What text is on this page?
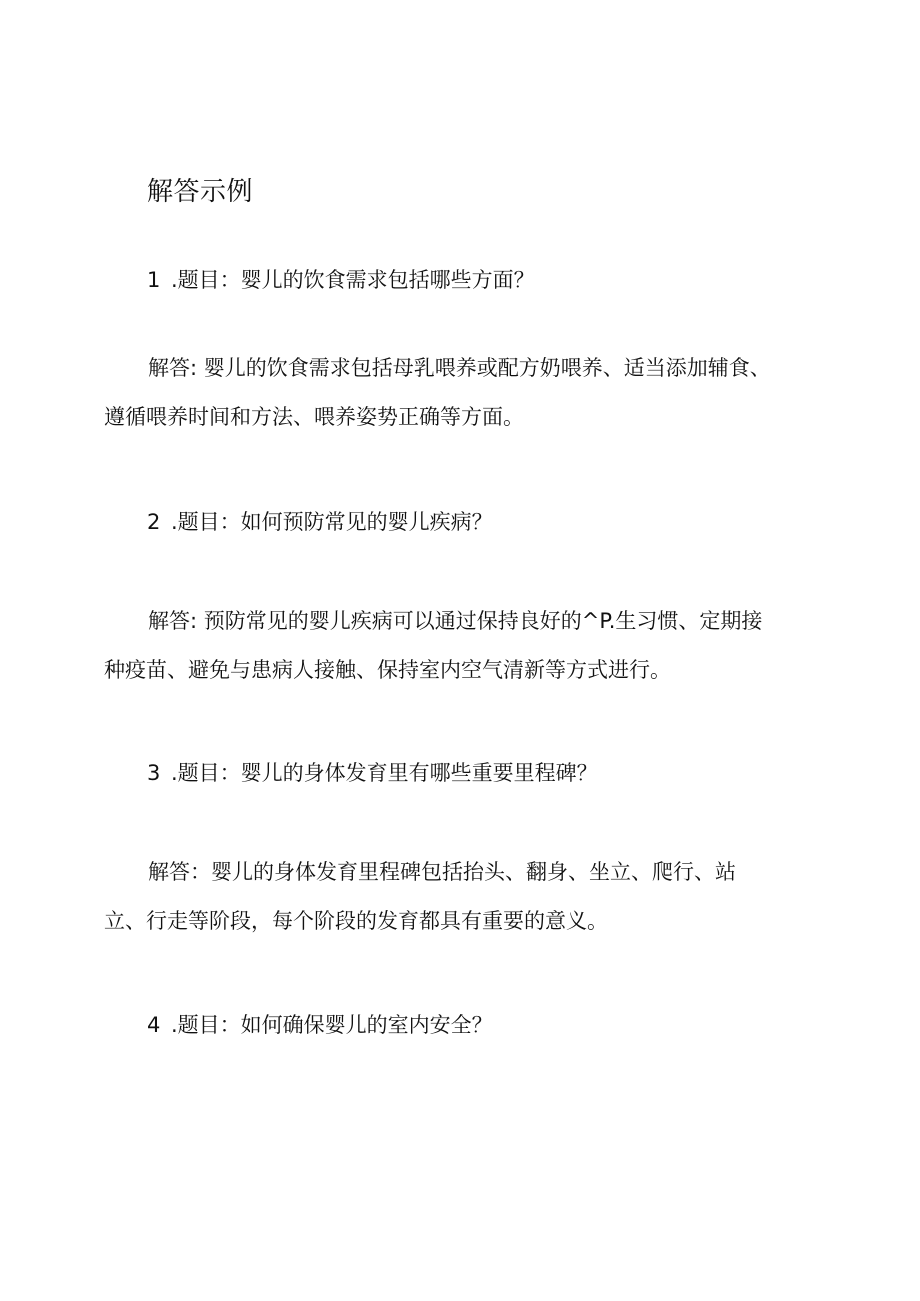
解答示例
1 .题目：婴儿的饮食需求包括哪些方面？
解答: 婴儿的饮食需求包括母乳喂养或配方奶喂养、适当添加辅食、
遵循喂养时间和方法、喂养姿势正确等方面。
2 .题目：如何预防常见的婴儿疾病？
解答: 预防常见的婴儿疾病可以通过保持良好的^P.生习惯、定期接
种疫苗、避免与患病人接触、保持室内空气清新等方式进行。
3 .题目：婴儿的身体发育里有哪些重要里程碑？
解答：婴儿的身体发育里程碑包括抬头、翻身、坐立、爬行、站
立、行走等阶段，每个阶段的发育都具有重要的意义。
4 .题目：如何确保婴儿的室内安全？
